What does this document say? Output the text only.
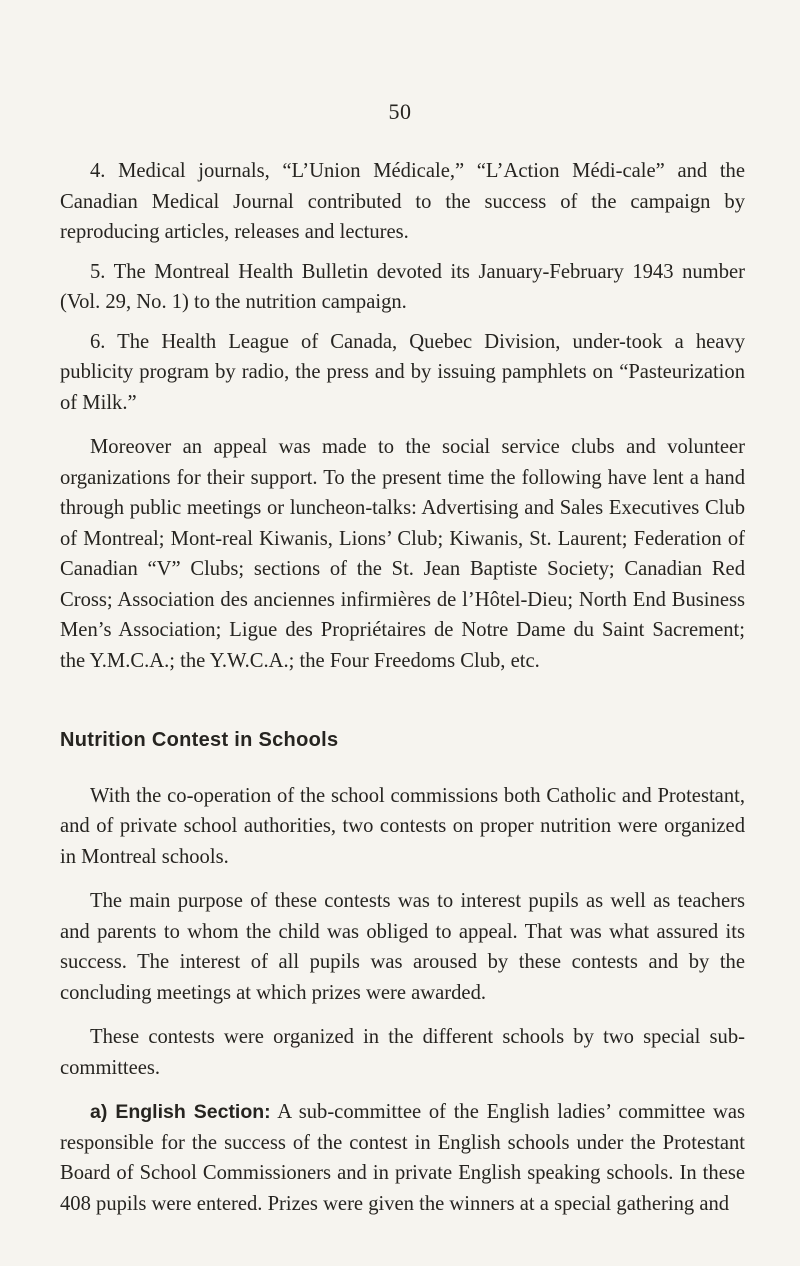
50

4. Medical journals, “L’Union Médicale,” “L’Action Médi-cale” and the Canadian Medical Journal contributed to the success of the campaign by reproducing articles, releases and lectures.

5. The Montreal Health Bulletin devoted its January-February 1943 number (Vol. 29, No. 1) to the nutrition campaign.

6. The Health League of Canada, Quebec Division, under-took a heavy publicity program by radio, the press and by issuing pamphlets on “Pasteurization of Milk.”

Moreover an appeal was made to the social service clubs and volunteer organizations for their support. To the present time the following have lent a hand through public meetings or luncheon-talks: Advertising and Sales Executives Club of Montreal; Mont-real Kiwanis, Lions’ Club; Kiwanis, St. Laurent; Federation of Canadian “V” Clubs; sections of the St. Jean Baptiste Society; Canadian Red Cross; Association des anciennes infirmières de l’Hôtel-Dieu; North End Business Men’s Association; Ligue des Propriétaires de Notre Dame du Saint Sacrement; the Y.M.C.A.; the Y.W.C.A.; the Four Freedoms Club, etc.

Nutrition Contest in Schools

With the co-operation of the school commissions both Catholic and Protestant, and of private school authorities, two contests on proper nutrition were organized in Montreal schools.

The main purpose of these contests was to interest pupils as well as teachers and parents to whom the child was obliged to appeal. That was what assured its success. The interest of all pupils was aroused by these contests and by the concluding meetings at which prizes were awarded.

These contests were organized in the different schools by two special sub-committees.

a) English Section: A sub-committee of the English ladies’ committee was responsible for the success of the contest in English schools under the Protestant Board of School Commissioners and in private English speaking schools. In these 408 pupils were entered. Prizes were given the winners at a special gathering and
